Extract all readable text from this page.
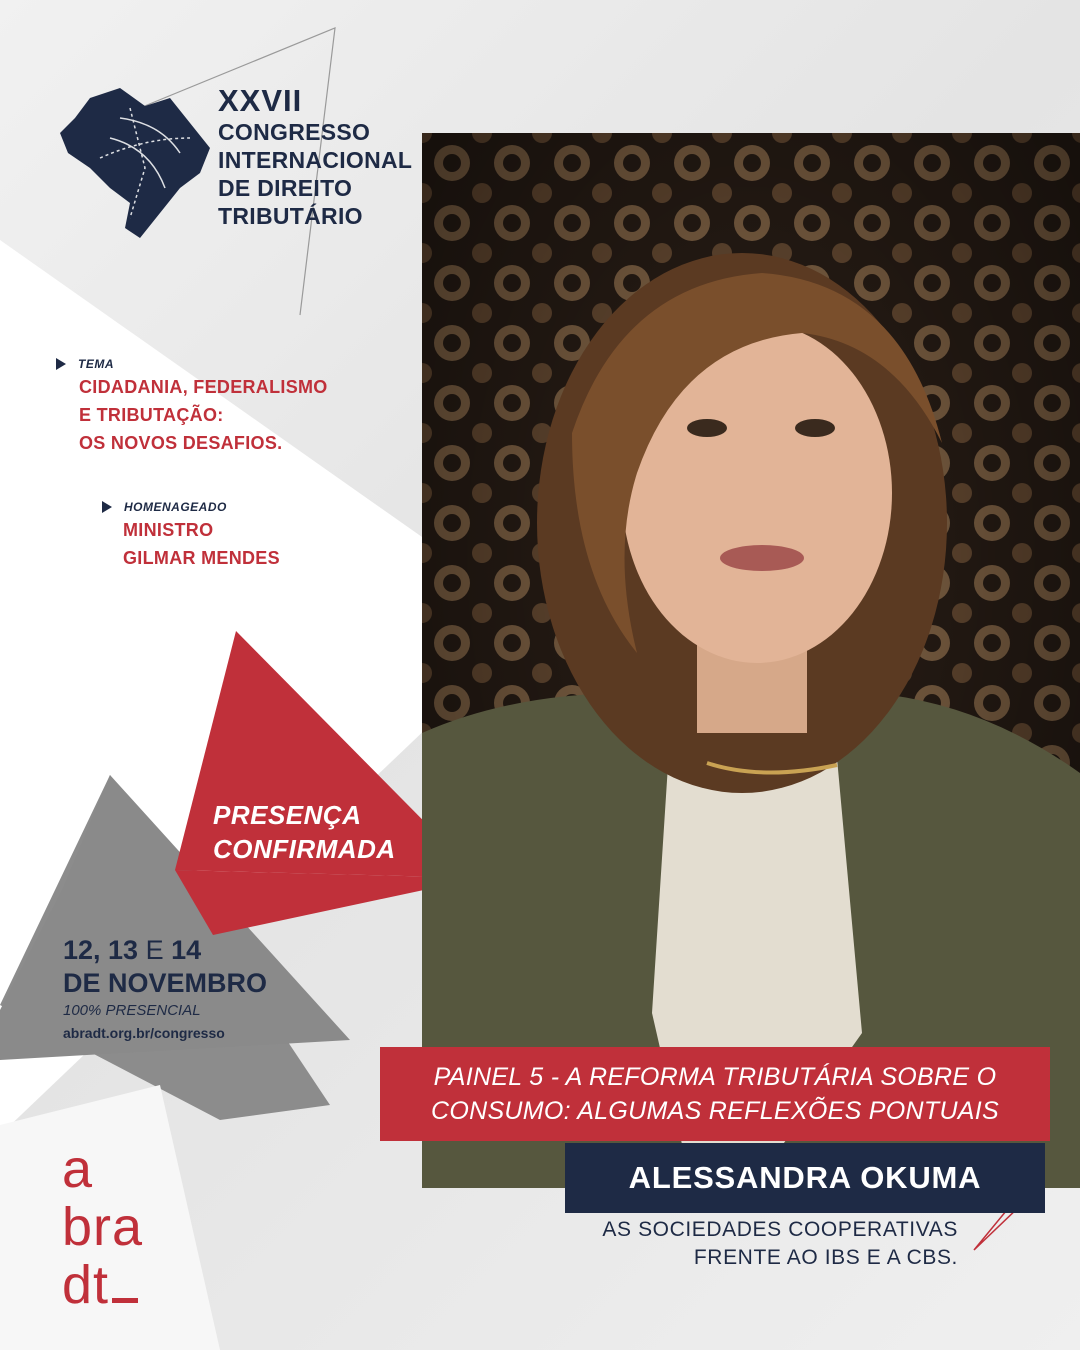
XXVII
CONGRESSO
INTERNACIONAL
DE DIREITO
TRIBUTÁRIO
TEMA
CIDADANIA, FEDERALISMO
E TRIBUTAÇÃO:
OS NOVOS DESAFIOS.
HOMENAGEADO
MINISTRO
GILMAR MENDES
PRESENÇA
CONFIRMADA
12, 13 E 14
DE NOVEMBRO
100% PRESENCIAL
abradt.org.br/congresso
PAINEL 5 - A REFORMA TRIBUTÁRIA SOBRE O
CONSUMO: ALGUMAS REFLEXÕES PONTUAIS
ALESSANDRA OKUMA
AS SOCIEDADES COOPERATIVAS
FRENTE AO IBS E A CBS.
a
bra
dt
